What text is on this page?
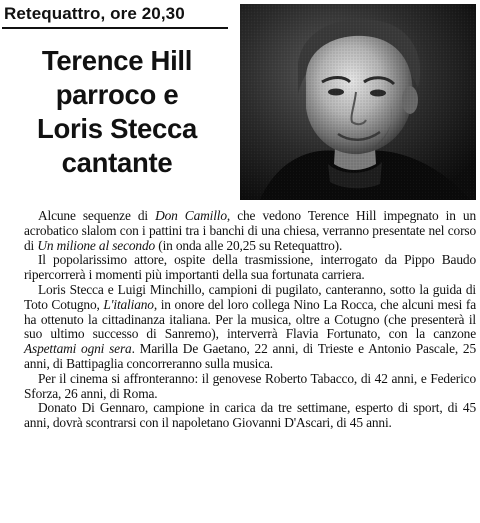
Retequattro, ore 20,30
Terence Hill
parroco e
Loris Stecca
cantante

Alcune sequenze di Don Camillo, che vedono Terence Hill impegnato in un acrobatico slalom con i pattini tra i banchi di una chiesa, verranno presentate nel corso di Un milione al secondo (in onda alle 20,25 su Retequattro).

Il popolarissimo attore, ospite della trasmissione, interrogato da Pippo Baudo ripercorrerà i momenti più importanti della sua fortunata carriera.

Loris Stecca e Luigi Minchillo, campioni di pugilato, canteranno, sotto la guida di Toto Cotugno, L'italiano, in onore del loro collega Nino La Rocca, che alcuni mesi fa ha ottenuto la cittadinanza italiana. Per la musica, oltre a Cotugno (che presenterà il suo ultimo successo di Sanremo), interverrà Flavia Fortunato, con la canzone Aspettami ogni sera. Marilla De Gaetano, 22 anni, di Trieste e Antonio Pascale, 25 anni, di Battipaglia concorreranno sulla musica.

Per il cinema si affronteranno: il genovese Roberto Tabacco, di 42 anni, e Federico Sforza, 26 anni, di Roma.

Donato Di Gennaro, campione in carica da tre settimane, esperto di sport, di 45 anni, dovrà scontrarsi con il napoletano Giovanni D'Ascari, di 45 anni.
